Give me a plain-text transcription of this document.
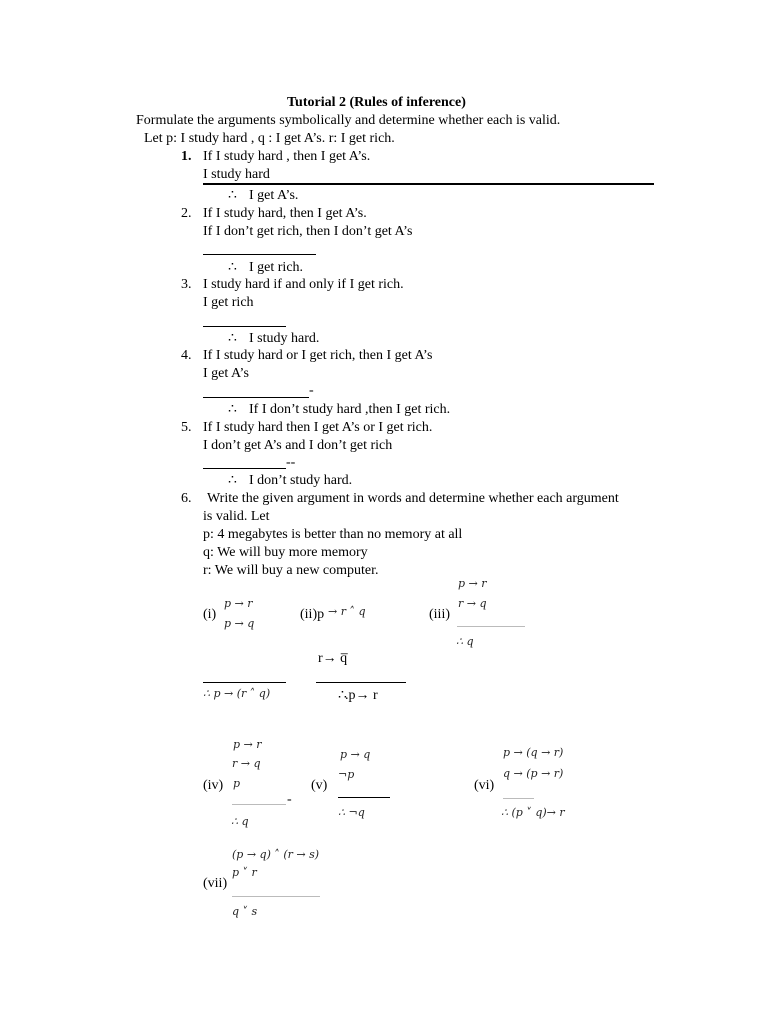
Tutorial 2 (Rules of inference)
Formulate the arguments symbolically and determine whether each is valid.
Let p: I study hard , q : I get A’s. r: I get rich.
1. If I study hard , then I get A’s.
I study hard
∴ I get A’s.
2. If I study hard, then I get A’s.
If I don’t get rich, then I don’t get A’s
∴ I get rich.
3. I study hard if and only if I get rich.
I get rich
∴ I study hard.
4. If I study hard or I get rich, then I get A’s
I get A’s
-
∴ If I don’t study hard ,then I get rich.
5. If I study hard then I get A’s or I get rich.
I don’t get A’s and I don’t get rich
--
∴ I don’t study hard.
6. Write the given argument in words and determine whether each argument
is valid. Let
p: 4 megabytes is better than no memory at all
q: We will buy more memory
r: We will buy a new computer.
(i)
p → r
p → q
∴ p → (r ˄ q)
(ii)p → r ˄ q
r→ q̅
∴
.p→ r
(iii)
p → r
r → q
∴ q
(iv)
p → r
r → q
p
-
∴ q
(v)
p → q
¬p
∴ ¬q
(vi)
p → (q → r)
q → (p → r)
∴ (p ˅ q)→ r
(vii)
(p → q) ˄ (r → s)
p ˅ r
q ˅ s
